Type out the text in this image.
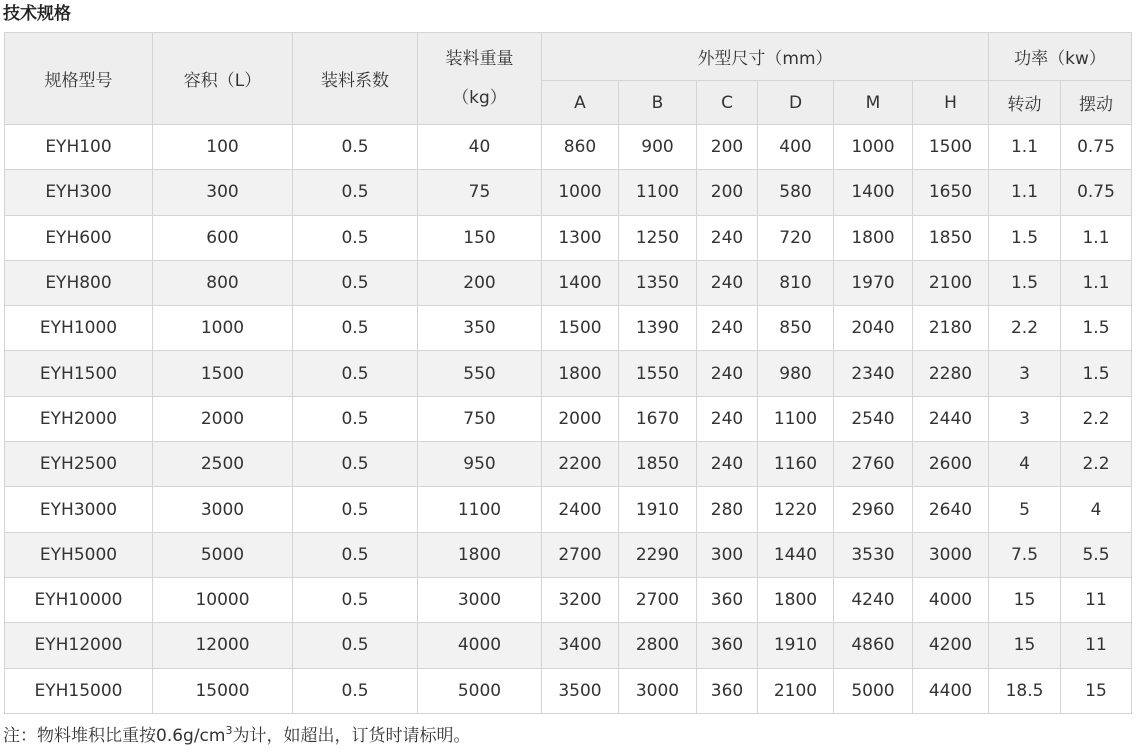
技术规格
规格型号	容积（L）	装料系数	装料重量
（kg）	外型尺寸（mm）						功率（kw）	
				A	B	C	D	M	H	转动	摆动
EYH100	100	0.5	40	860	900	200	400	1000	1500	1.1	0.75
EYH300	300	0.5	75	1000	1100	200	580	1400	1650	1.1	0.75
EYH600	600	0.5	150	1300	1250	240	720	1800	1850	1.5	1.1
EYH800	800	0.5	200	1400	1350	240	810	1970	2100	1.5	1.1
EYH1000	1000	0.5	350	1500	1390	240	850	2040	2180	2.2	1.5
EYH1500	1500	0.5	550	1800	1550	240	980	2340	2280	3	1.5
EYH2000	2000	0.5	750	2000	1670	240	1100	2540	2440	3	2.2
EYH2500	2500	0.5	950	2200	1850	240	1160	2760	2600	4	2.2
EYH3000	3000	0.5	1100	2400	1910	280	1220	2960	2640	5	4
EYH5000	5000	0.5	1800	2700	2290	300	1440	3530	3000	7.5	5.5
EYH10000	10000	0.5	3000	3200	2700	360	1800	4240	4000	15	11
EYH12000	12000	0.5	4000	3400	2800	360	1910	4860	4200	15	11
EYH15000	15000	0.5	5000	3500	3000	360	2100	5000	4400	18.5	15
注：物料堆积比重按$0.6g/cm^3$为计，如超出，订货时请标明。
